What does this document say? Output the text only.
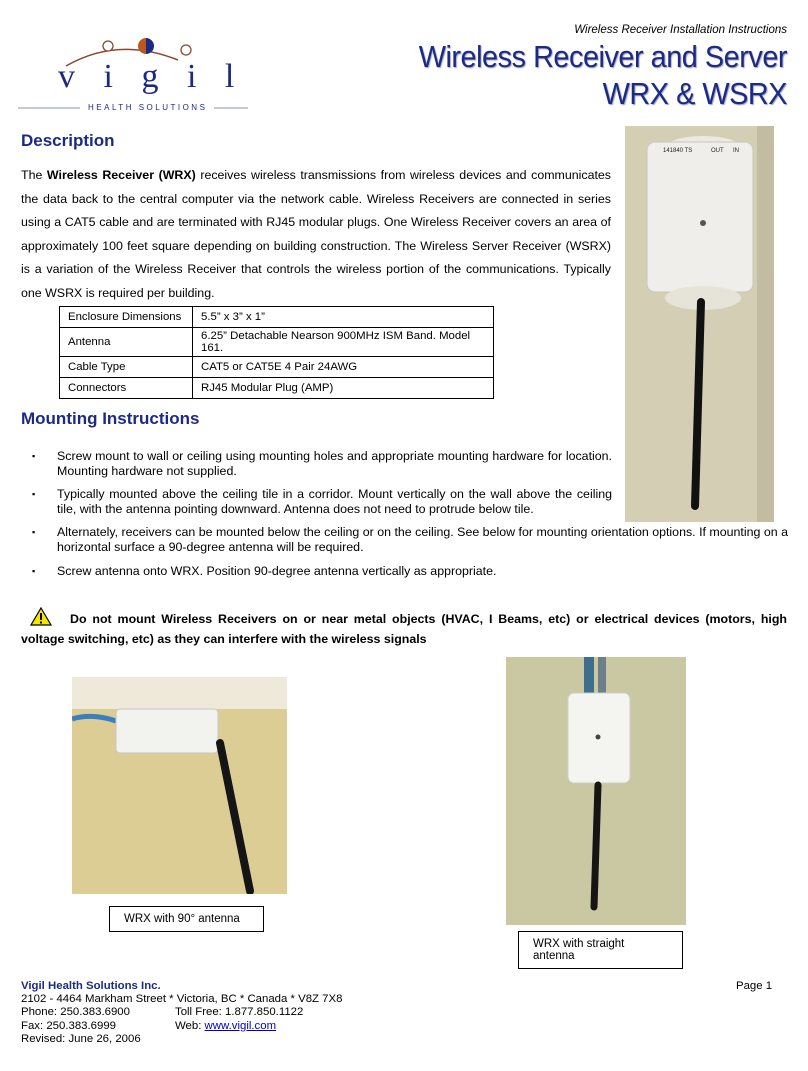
Wireless Receiver Installation Instructions
Wireless Receiver and Server
WRX & WSRX
v i g i l
HEALTH SOLUTIONS
Description
The Wireless Receiver (WRX) receives wireless transmissions from wireless devices and communicates the data back to the central computer via the network cable. Wireless Receivers are connected in series using a CAT5 cable and are terminated with RJ45 modular plugs. One Wireless Receiver covers an area of approximately 100 feet square depending on building construction. The Wireless Server Receiver (WSRX) is a variation of the Wireless Receiver that controls the wireless portion of the communications. Typically one WSRX is required per building.
Enclosure Dimensions	5.5” x 3” x 1”
Antenna	6.25” Detachable Nearson 900MHz ISM Band. Model 161.
Cable Type	CAT5 or CAT5E 4 Pair 24AWG
Connectors	RJ45 Modular Plug (AMP)
Mounting Instructions
▪ Screw mount to wall or ceiling using mounting holes and appropriate mounting hardware for location. Mounting hardware not supplied.
▪ Typically mounted above the ceiling tile in a corridor. Mount vertically on the wall above the ceiling tile, with the antenna pointing downward. Antenna does not need to protrude below tile.
▪ Alternately, receivers can be mounted below the ceiling or on the ceiling. See below for mounting orientation options. If mounting on a horizontal surface a 90-degree antenna will be required.
▪ Screw antenna onto WRX. Position 90-degree antenna vertically as appropriate.
Do not mount Wireless Receivers on or near metal objects (HVAC, I Beams, etc) or electrical devices (motors, high voltage switching, etc) as they can interfere with the wireless signals
141840 TS	OUT IN
WRX with 90° antenna
WRX with straight antenna
Vigil Health Solutions Inc.
2102 - 4464 Markham Street * Victoria, BC * Canada * V8Z 7X8
Phone: 250.383.6900	Toll Free: 1.877.850.1122
Fax: 250.383.6999	Web: www.vigil.com
Revised: June 26, 2006
Page 1
